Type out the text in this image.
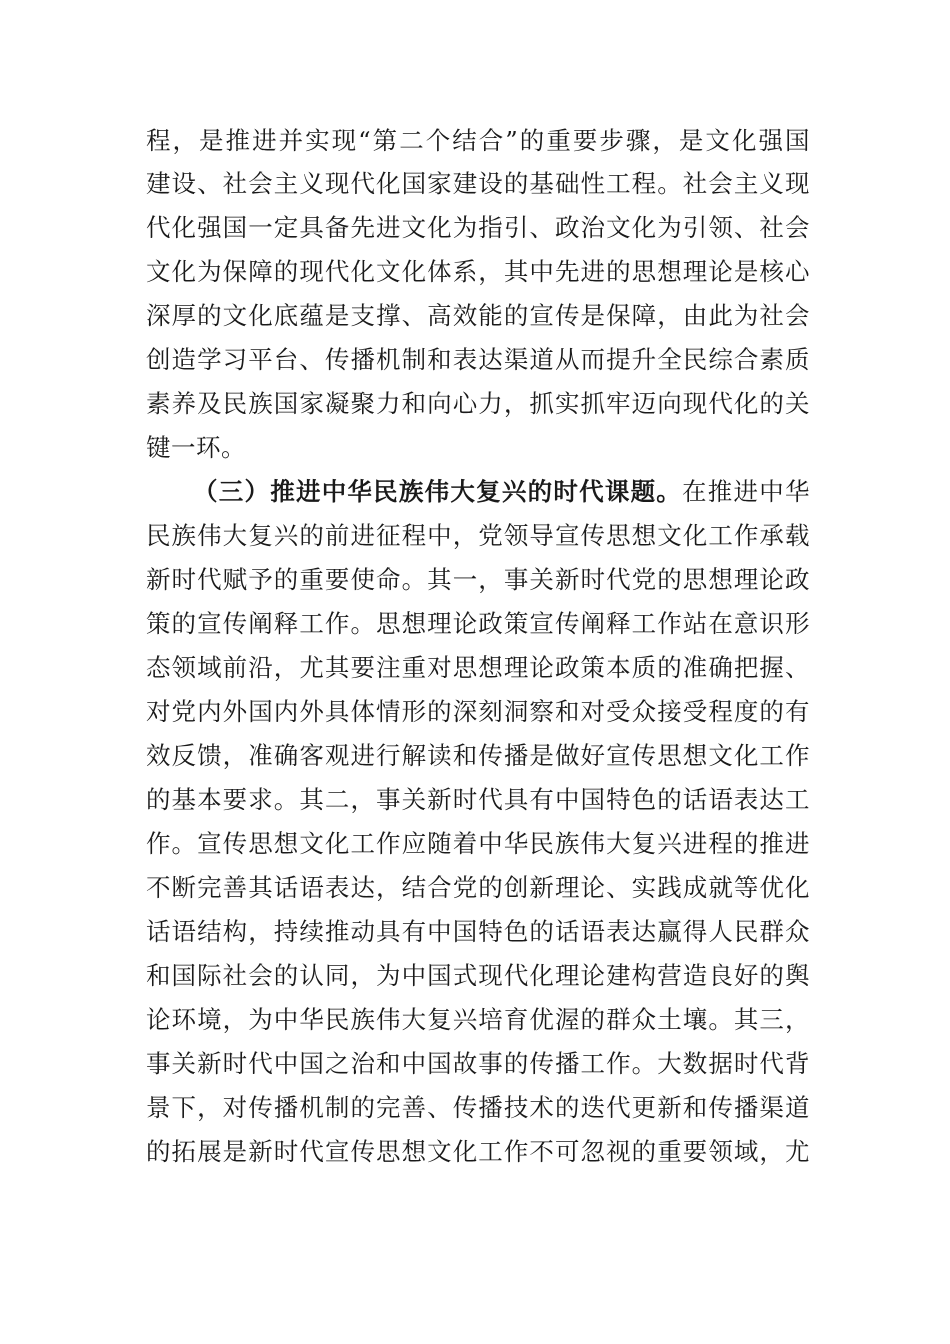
程，是推进并实现“第二个结合”的重要步骤，是文化强国
建设、社会主义现代化国家建设的基础性工程。社会主义现
代化强国一定具备先进文化为指引、政治文化为引领、社会
文化为保障的现代化文化体系，其中先进的思想理论是核心
深厚的文化底蕴是支撑、高效能的宣传是保障，由此为社会
创造学习平台、传播机制和表达渠道从而提升全民综合素质
素养及民族国家凝聚力和向心力，抓实抓牢迈向现代化的关
键一环。
（三）推进中华民族伟大复兴的时代课题。在推进中华
民族伟大复兴的前进征程中，党领导宣传思想文化工作承载
新时代赋予的重要使命。其一，事关新时代党的思想理论政
策的宣传阐释工作。思想理论政策宣传阐释工作站在意识形
态领域前沿，尤其要注重对思想理论政策本质的准确把握、
对党内外国内外具体情形的深刻洞察和对受众接受程度的有
效反馈，准确客观进行解读和传播是做好宣传思想文化工作
的基本要求。其二，事关新时代具有中国特色的话语表达工
作。宣传思想文化工作应随着中华民族伟大复兴进程的推进
不断完善其话语表达，结合党的创新理论、实践成就等优化
话语结构，持续推动具有中国特色的话语表达赢得人民群众
和国际社会的认同，为中国式现代化理论建构营造良好的舆
论环境，为中华民族伟大复兴培育优渥的群众土壤。其三，
事关新时代中国之治和中国故事的传播工作。大数据时代背
景下，对传播机制的完善、传播技术的迭代更新和传播渠道
的拓展是新时代宣传思想文化工作不可忽视的重要领域，尤
